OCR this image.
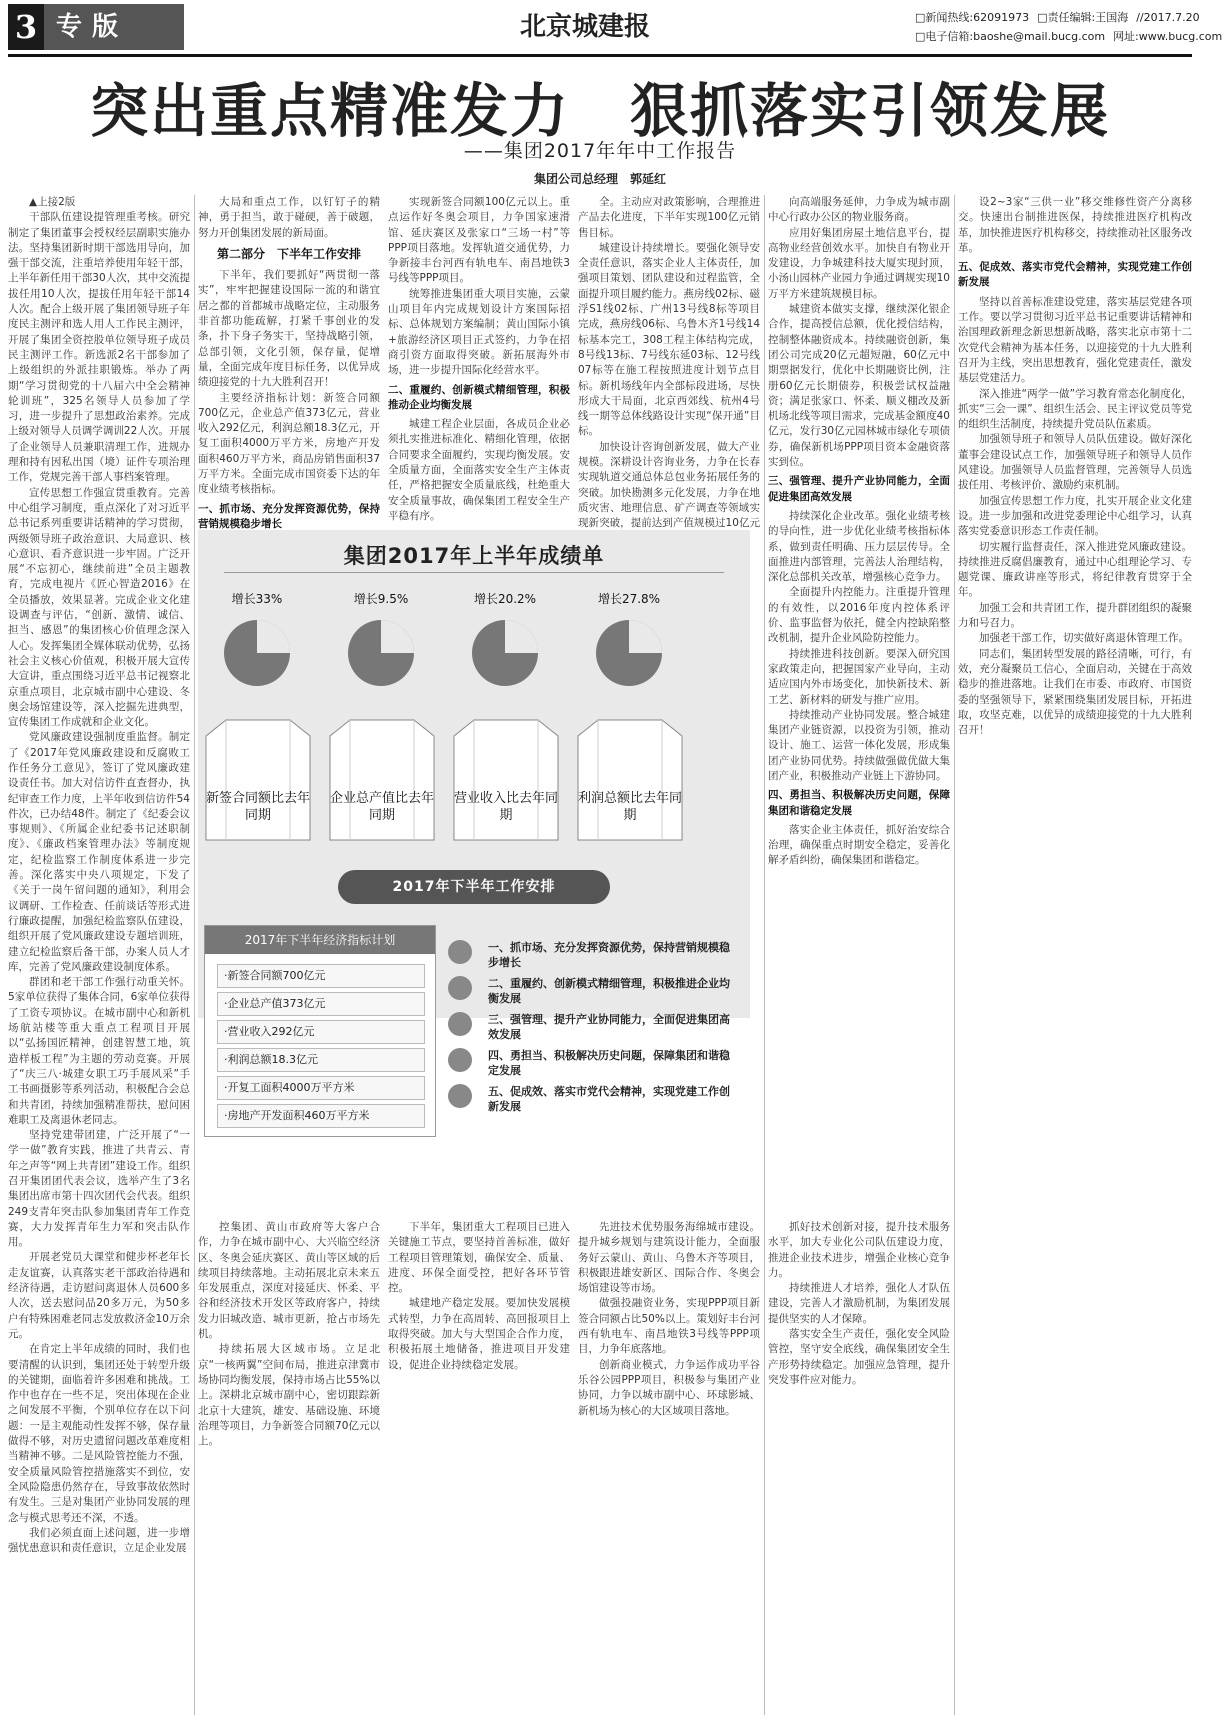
3 专版	北京城建报	□新闻热线:62091973 □责任编辑:王国海 //2017.7.20
□电子信箱:baoshe@mail.bucg.com 网址:www.bucg.com
突出重点精准发力　狠抓落实引领发展
——集团2017年年中工作报告
集团公司总经理　郭延红

▲上接2版

干部队伍建设提管理重考核。研究制定了集团董事会授权经层副职实施办法。坚持集团新时期干部选用导向，加强干部交流，注重培养使用年轻干部，上半年新任用干部30人次，其中交流提拔任用10人次，提拔任用年轻干部14人次。配合上级开展了集团领导班子年度民主测评和选人用人工作民主测评，开展了集团全资控股单位领导班子成员民主测评工作。新选派2名干部参加了上级组织的外派挂职锻炼。举办了两期“学习贯彻党的十八届六中全会精神轮训班”，325名领导人员参加了学习，进一步提升了思想政治素养。完成上级对领导人员调学调训22人次。开展了企业领导人员兼职清理工作，进规办理和持有因私出国（境）证件专项治理工作，党规完善干部人事档案管理。

宣传思想工作强宣贯重教育。完善中心组学习制度，重点深化了对习近平总书记系列重要讲话精神的学习贯彻，两级领导班子政治意识、大局意识、核心意识、看齐意识进一步牢固。广泛开展“不忘初心，继续前进”全员主题教育，完成电视片《匠心智造2016》在全员播放，效果显著。完成企业文化建设调查与评估，“创新、激情、诚信、担当、感恩”的集团核心价值理念深入人心。发挥集团全媒体联动优势，弘扬社会主义核心价值观，积极开展大宣传大宣讲，重点围绕习近平总书记视察北京重点项目，北京城市副中心建设、冬奥会场馆建设等，深入挖掘先进典型，宣传集团工作成就和企业文化。

党风廉政建设强制度重监督。制定了《2017年党风廉政建设和反腐败工作任务分工意见》，签订了党风廉政建设责任书。加大对信访件直查督办，执纪审查工作力度，上半年收到信访件54件次，已办结48件。制定了《纪委会议事规则》、《所属企业纪委书记述职制度》、《廉政档案管理办法》等制度规定，纪检监察工作制度体系进一步完善。深化落实中央八项规定，下发了《关于一岗午留问题的通知》，利用会议调研、工作检查、任前谈话等形式进行廉政提醒，加强纪检监察队伍建设，组织开展了党风廉政建设专题培训班，建立纪检监察后备干部，办案人员人才库，完善了党风廉政建设制度体系。

群团和老干部工作强行动重关怀。5家单位获得了集体合同，6家单位获得了工资专项协议。在城市副中心和新机场航站楼等重大重点工程项目开展以“弘扬国匠精神，创建智慧工地，筑造样板工程”为主题的劳动竞赛。开展了“庆三八·城建女职工巧手展风采”手工书画摄影等系列活动，积极配合会总和共青团，持续加强精准帮扶，慰问困难职工及离退休老同志。

坚持党建带团建，广泛开展了“一学一做”教育实践，推进了共青云、青年之声等“网上共青团”建设工作。组织召开集团团代表会议，选举产生了3名集团出席市第十四次团代会代表。组织249支青年突击队参加集团青年工作竞赛，大力发挥青年生力军和突击队作用。

开展老党员大课堂和健步杯老年长走友谊赛，认真落实老干部政治待遇和经济待遇，走访慰问离退休人员600多人次，送去慰问品20多万元，为50多户有特殊困难老同志发放救济金10万余元。

在肯定上半年成绩的同时，我们也要清醒的认识到，集团还处于转型升级的关键期，面临着许多困难和挑战。工作中也存在一些不足，突出体现在企业之间发展不平衡，个别单位存在以下问题：一是主观能动性发挥不够，保存量做得不够，对历史遗留问题改革难度相当精神不够。二是风险管控能力不强，安全质量风险管控措施落实不到位，安全风险隐患仍然存在，导致事故依然时有发生。三是对集团产业协同发展的理念与模式思考还不深，不透。

我们必须直面上述问题，进一步增强忧患意识和责任意识，立足企业发展

大局和重点工作，以钉钉子的精神，勇于担当，敢于碰硬，善于破题，努力开创集团发展的新局面。

第二部分　下半年工作安排

下半年，我们要抓好“两贯彻一落实”，牢牢把握建设国际一流的和谐宜居之都的首都城市战略定位，主动服务非首都功能疏解，打紧千事创业的发条，扑下身子务实干，坚持战略引领，总部引领，文化引领，保存量，促增量，全面完成年度目标任务，以优异成绩迎接党的十九大胜利召开！

主要经济指标计划：新签合同额700亿元，企业总产值373亿元，营业收入292亿元，利润总额18.3亿元，开复工面积4000万平方米，房地产开发面积460万平方米，商品房销售面积37万平方米。全面完成市国资委下达的年度业绩考核指标。

一、抓市场、充分发挥资源优势，保持营销规模稳步增长

实现新签合同额100亿元以上。重点运作好冬奥会项目，力争国家速滑馆、延庆赛区及张家口“三场一村”等PPP项目落地。发挥轨道交通优势，力争新接丰台河西有轨电车、南昌地铁3号线等PPP项目。

统筹推进集团重大项目实施，云蒙山项目年内完成规划设计方案国际招标、总体规划方案编制；黄山国际小镇+旅游经济区项目正式签约，力争在招商引资方面取得突破。新拓展海外市场，进一步提升国际化经营水平。

二、重履约、创新模式精细管理，积极推动企业均衡发展

城建工程企业层面，各成员企业必须扎实推进标准化、精细化管理，依据合同要求全面履约，实现均衡发展。安全质量方面，全面落实安全生产主体责任，严格把握安全质量底线，杜绝重大安全质量事故，确保集团工程安全生产平稳有序。

全。主动应对政策影响，合理推进产品去化进度，下半年实现100亿元销售目标。

城建设计持续增长。要强化领导安全责任意识，落实企业人主体责任，加强项目策划、团队建设和过程监管，全面提升项目履约能力。燕房线02标、磁浮S1线02标、广州13号线8标等项目完成，燕房线06标、乌鲁木齐1号线14标基本完工，308工程主体结构完成，8号线13标、7号线东延03标、12号线07标等在施工程按照进度计划节点目标。新机场线年内全部标段进场，尽快形成大干局面，北京西郊线、杭州4号线一期等总体线路设计实现“保开通”目标。

加快设计咨询创新发展，做大产业规模。深耕设计咨询业务，力争在长春实现轨道交通总体总包业务拓展任务的突破。加快勘测多元化发展，力争在地质灾害、地理信息、矿产调查等领域实现新突破，提前达到产值规模过10亿元

向高端服务延伸，力争成为城市副中心行政办公区的物业服务商。

应用好集团房屋土地信息平台，提高物业经营创效水平。加快自有物业开发建设，力争城建科技大厦实现封顶，小汤山园林产业园力争通过调规实现10万平方米建筑规模目标。

城建资本做实支撑，继续深化银企合作，提高授信总额，优化授信结构，控制整体融资成本。持续融资创新，集团公司完成20亿元超短融，60亿元中期票据发行，优化中长期融资比例，注册60亿元长期债券，积极尝试权益融资；满足张家口、怀柔、顺义棚改及新机场北线等项目需求，完成基金额度40亿元，发行30亿元园林城市绿化专项债券，确保新机场PPP项目资本金融资落实到位。

三、强管理、提升产业协同能力，全面促进集团高效发展

持续深化企业改革。强化业绩考核的导向性，进一步优化业绩考核指标体系，做到责任明确、压力层层传导。全面推进内部管理，完善法人治理结构，深化总部机关改革，增强核心竞争力。

全面提升内控能力。注重提升管理的有效性，以2016年度内控体系评价、监事监督为依托，健全内控缺陷整改机制，提升企业风险防控能力。

持续推进科技创新。要深入研究国家政策走向，把握国家产业导向，主动适应国内外市场变化，加快新技术、新工艺、新材料的研发与推广应用。

持续推动产业协同发展。整合城建集团产业链资源，以投资为引领，推动设计、施工、运营一体化发展，形成集团产业协同优势。持续做强做优做大集团产业，积极推动产业链上下游协同。

四、勇担当、积极解决历史问题，保障集团和谐稳定发展

落实企业主体责任，抓好治安综合治理，确保重点时期安全稳定，妥善化解矛盾纠纷，确保集团和谐稳定。

设2~3家“三供一业”移交维修性资产分离移交。快速出台制推进医保，持续推进医疗机构改革，加快推进医疗机构移交，持续推动社区服务改革。

五、促成效、落实市党代会精神，实现党建工作创新发展

坚持以首善标准建设党建，落实基层党建各项工作。要以学习贯彻习近平总书记重要讲话精神和治国理政新理念新思想新战略，落实北京市第十二次党代会精神为基本任务，以迎接党的十九大胜利召开为主线，突出思想教育，强化党建责任，激发基层党建活力。

深入推进“两学一做”学习教育常态化制度化，抓实“三会一课”、组织生活会、民主评议党员等党的组织生活制度，持续提升党员队伍素质。

加强领导班子和领导人员队伍建设。做好深化董事会建设试点工作，加强领导班子和领导人员作风建设。加强领导人员监督管理，完善领导人员选拔任用、考核评价、激励约束机制。

加强宣传思想工作力度，扎实开展企业文化建设。进一步加强和改进党委理论中心组学习，认真落实党委意识形态工作责任制。

切实履行监督责任，深入推进党风廉政建设。持续推进反腐倡廉教育，通过中心组理论学习、专题党课、廉政讲座等形式，将纪律教育贯穿于全年。

加强工会和共青团工作，提升群团组织的凝聚力和号召力。

加强老干部工作，切实做好离退休管理工作。

同志们，集团转型发展的路径清晰，可行，有效，充分凝聚员工信心，全面启动，关键在于高效稳步的推进落地。让我们在市委、市政府、市国资委的坚强领导下，紧紧围绕集团发展目标，开拓进取，攻坚克难，以优异的成绩迎接党的十九大胜利召开！

控集团、黄山市政府等大客户合作，力争在城市副中心、大兴临空经济区、冬奥会延庆赛区、黄山等区域的后续项目持续落地。主动拓展北京未来五年发展重点，深度对接延庆、怀柔、平谷和经济技术开发区等政府客户，持续发力旧城改造、城市更新，抢占市场先机。

持续拓展大区域市场。立足北京“一核两翼”空间布局，推进京津冀市场协同均衡发展，保持市场占比55%以上。深耕北京城市副中心，密切跟踪新北京十大建筑，雄安、基础设施、环境治理等项目，力争新签合同额70亿元以上。

下半年，集团重大工程项目已进入关键施工节点，要坚持首善标准，做好工程项目管理策划，确保安全、质量、进度、环保全面受控，把好各环节管控。

城建地产稳定发展。要加快发展模式转型，力争在高周转、高回报项目上取得突破。加大与大型国企合作力度，积极拓展土地储备，推进项目开发建设，促进企业持续稳定发展。

先进技术优势服务海绵城市建设。提升城乡规划与建筑设计能力，全面服务好云蒙山、黄山、乌鲁木齐等项目，积极跟进雄安新区、国际合作、冬奥会场馆建设等市场。

做强投融资业务，实现PPP项目新签合同额占比50%以上。策划好丰台河西有轨电车、南昌地铁3号线等PPP项目，力争年底落地。

创新商业模式，力争运作成功平谷乐谷公园PPP项目，积极参与集团产业协同，力争以城市副中心、环球影城、新机场为核心的大区域项目落地。

抓好技术创新对接，提升技术服务水平，加大专业化公司队伍建设力度，推进企业技术进步，增强企业核心竞争力。

持续推进人才培养，强化人才队伍建设，完善人才激励机制，为集团发展提供坚实的人才保障。

落实安全生产责任，强化安全风险管控，坚守安全底线，确保集团安全生产形势持续稳定。加强应急管理，提升突发事件应对能力。

集团2017年上半年成绩单
增长33%	增长9.5%	增长20.2%	增长27.8%
新签合同额比去年同期
企业总产值比去年同期
营业收入比去年同期
利润总额比去年同期
2017年下半年工作安排
2017年下半年经济指标计划
·新签合同额700亿元
·企业总产值373亿元
·营业收入292亿元
·利润总额18.3亿元
·开复工面积4000万平方米
·房地产开发面积460万平方米
一、抓市场、充分发挥资源优势，保持营销规模稳步增长
二、重履约、创新模式精细管理，积极推进企业均衡发展
三、强管理、提升产业协同能力，全面促进集团高效发展
四、勇担当、积极解决历史问题，保障集团和谐稳定发展
五、促成效、落实市党代会精神，实现党建工作创新发展
